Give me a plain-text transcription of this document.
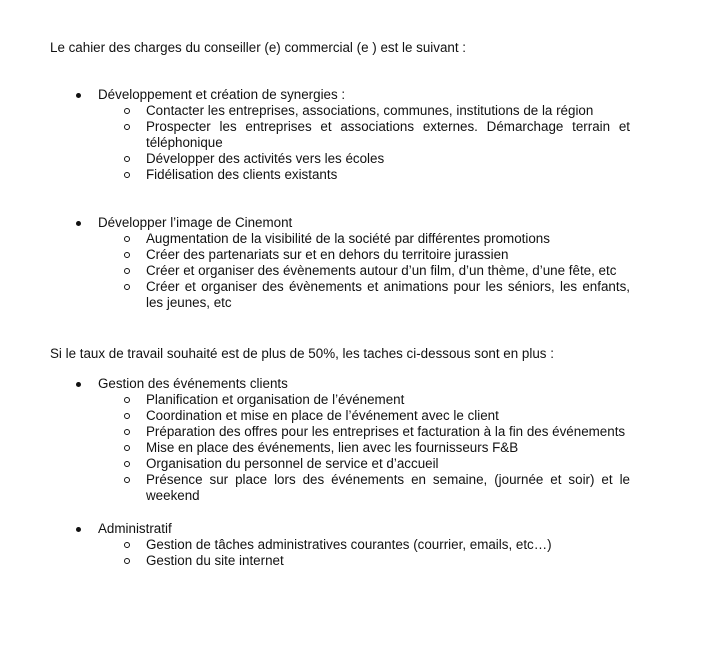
Le cahier des charges du conseiller (e) commercial (e ) est le suivant :
Développement et création de synergies :
Contacter les entreprises, associations, communes, institutions de la région
Prospecter les entreprises et associations externes. Démarchage terrain et téléphonique
Développer des activités vers les écoles
Fidélisation des clients existants
Développer l’image de Cinemont
Augmentation de la visibilité de la société par différentes promotions
Créer des partenariats sur et en dehors du territoire jurassien
Créer et organiser des évènements autour d’un film, d’un thème, d’une fête, etc
Créer et organiser des évènements et animations pour les séniors, les enfants, les jeunes, etc
Si le taux de travail souhaité est de plus de 50%, les taches ci-dessous sont en plus :
Gestion des événements clients
Planification et organisation de l’événement
Coordination et mise en place de l’événement avec le client
Préparation des offres pour les entreprises et facturation à la fin des événements
Mise en place des événements, lien avec les fournisseurs F&B
Organisation du personnel de service et d’accueil
Présence sur place lors des événements en semaine, (journée et soir) et le weekend
Administratif
Gestion de tâches administratives courantes (courrier, emails, etc…)
Gestion du site internet
